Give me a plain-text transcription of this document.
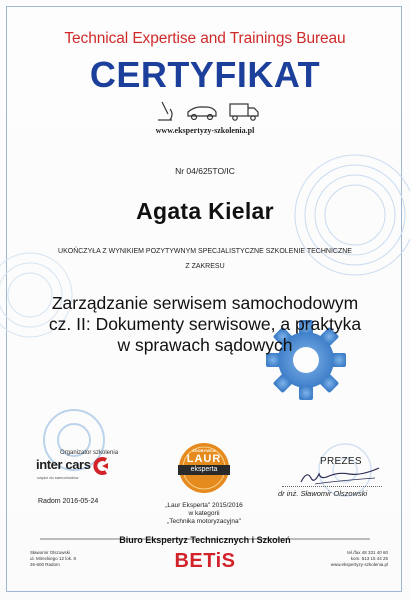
Technical Expertise and Trainings Bureau
CERTYFIKAT
www.ekspertyzy-szkolenia.pl
Nr 04/625TO/IC
Agata Kielar
UKOŃCZYŁA Z WYNIKIEM POZYTYWNYM SPECJALISTYCZNE SZKOLENIE TECHNICZNE
Z ZAKRESU
Zarządzanie serwisem samochodowym
cz. II: Dokumenty serwisowe, a praktyka
w sprawach sądowych
Organizator szkolenia
inter cars
części do samochodów
Radom 2016-05-24
ZDOBYWCA
LAUR
eksperta
„Laur Eksperta" 2015/2016
w kategorii
„Technika motoryzacyjna"
PREZES
dr inż. Sławomir Olszowski
Biuro Ekspertyz Technicznych i Szkoleń
BETiS
Sławomir Olszowski
ul. Mireckiego 12 lok. 8
26-600 Radom
tel./fax 48 331 40 60
kom. 513 15 44 25
www.ekspertyzy-szkolenia.pl
